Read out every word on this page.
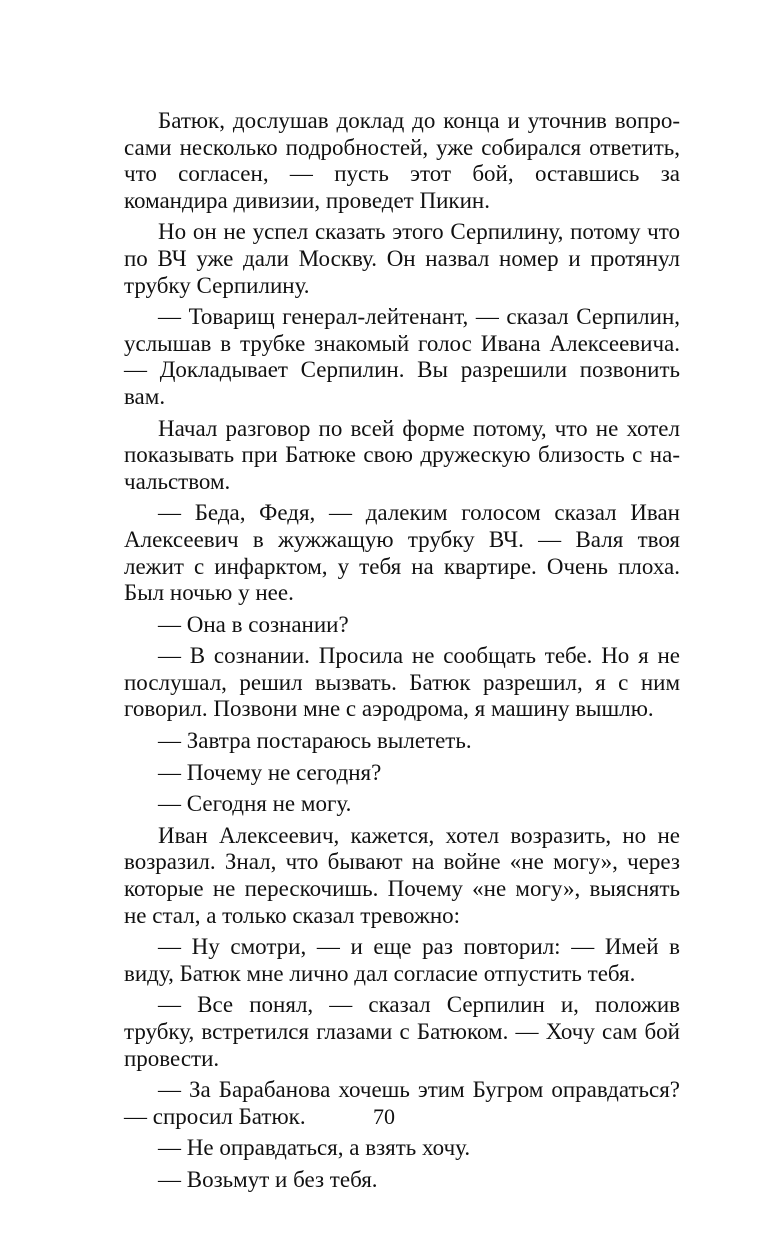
Батюк, дослушав доклад до конца и уточнив вопросами несколько подробностей, уже собирался ответить, что согласен, — пусть этот бой, оставшись за командира дивизии, проведет Пикин.

Но он не успел сказать этого Серпилину, потому что по ВЧ уже дали Москву. Он назвал номер и протянул трубку Серпилину.

— Товарищ генерал-лейтенант, — сказал Серпилин, услышав в трубке знакомый голос Ивана Алексеевича. — Докладывает Серпилин. Вы разрешили позвонить вам.

Начал разговор по всей форме потому, что не хотел показывать при Батюке свою дружескую близость с начальством.

— Беда, Федя, — далеким голосом сказал Иван Алексеевич в жужжащую трубку ВЧ. — Валя твоя лежит с инфарктом, у тебя на квартире. Очень плоха. Был ночью у нее.

— Она в сознании?

— В сознании. Просила не сообщать тебе. Но я не послушал, решил вызвать. Батюк разрешил, я с ним говорил. Позвони мне с аэродрома, я машину вышлю.

— Завтра постараюсь вылететь.

— Почему не сегодня?

— Сегодня не могу.

Иван Алексеевич, кажется, хотел возразить, но не возразил. Знал, что бывают на войне «не могу», через которые не перескочишь. Почему «не могу», выяснять не стал, а только сказал тревожно:

— Ну смотри, — и еще раз повторил: — Имей в виду, Батюк мне лично дал согласие отпустить тебя.

— Все понял, — сказал Серпилин и, положив трубку, встретился глазами с Батюком. — Хочу сам бой провести.

— За Барабанова хочешь этим Бугром оправдаться? — спросил Батюк.

— Не оправдаться, а взять хочу.

— Возьмут и без тебя.

70
